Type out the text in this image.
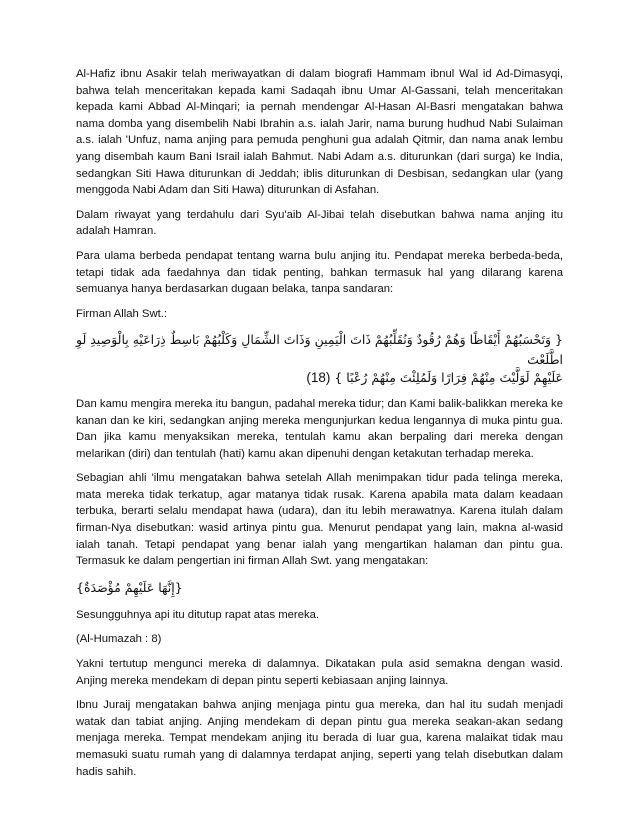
Al-Hafiz ibnu Asakir telah meriwayatkan di dalam biografi Hammam ibnul Wal id Ad-Dimasyqi, bahwa telah menceritakan kepada kami Sadaqah ibnu Umar Al-Gassani, telah menceritakan kepada kami Abbad Al-Minqari; ia pernah mendengar Al-Hasan Al-Basri mengatakan bahwa nama domba yang disembelih Nabi Ibrahin a.s. ialah Jarir, nama burung hudhud Nabi Sulaiman a.s. ialah 'Unfuz, nama anjing para pemuda penghuni gua adalah Qitmir, dan nama anak lembu yang disembah kaum Bani Israil ialah Bahmut. Nabi Adam a.s. diturunkan (dari surga) ke India, sedangkan Siti Hawa diturunkan di Jeddah; iblis diturunkan di Desbisan, sedangkan ular (yang menggoda Nabi Adam dan Siti Hawa) diturunkan di Asfahan.

Dalam riwayat yang terdahulu dari Syu'aib Al-Jibai telah disebutkan bahwa nama anjing itu adalah Hamran.

Para ulama berbeda pendapat tentang warna bulu anjing itu. Pendapat mereka berbeda-beda, tetapi tidak ada faedahnya dan tidak penting, bahkan termasuk hal yang dilarang karena semuanya hanya berdasarkan dugaan belaka, tanpa sandaran:

Firman Allah Swt.:

{ وَتَحْسَبُهُمْ أَيْقَاظًا وَهُمْ رُقُودٌ وَنُقَلِّبُهُمْ ذَاتَ الْيَمِينِ وَذَاتَ الشِّمَالِ وَكَلْبُهُمْ بَاسِطٌ ذِرَاعَيْهِ بِالْوَصِيدِ لَوِ اطَّلَعْتَ

(18) عَلَيْهِمْ لَوَلَّيْتَ مِنْهُمْ فِرَارًا وَلَمُلِئْتَ مِنْهُمْ رُعْبًا }

Dan kamu mengira mereka itu bangun, padahal mereka tidur; dan Kami balik-balikkan mereka ke kanan dan ke kiri, sedangkan anjing mereka mengunjurkan kedua lengannya di muka pintu gua. Dan jika kamu menyaksikan mereka, tentulah kamu akan berpaling dari mereka dengan melarikan (diri) dan tentulah (hati) kamu akan dipenuhi dengan ketakutan terhadap mereka.

Sebagian ahli 'ilmu mengatakan bahwa setelah Allah menimpakan tidur pada telinga mereka, mata mereka tidak terkatup, agar matanya tidak rusak. Karena apabila mata dalam keadaan terbuka, berarti selalu mendapat hawa (udara), dan itu lebih merawatnya. Karena itulah dalam firman-Nya disebutkan: wasid artinya pintu gua. Menurut pendapat yang lain, makna al-wasid ialah tanah. Tetapi pendapat yang benar ialah yang mengartikan halaman dan pintu gua. Termasuk ke dalam pengertian ini firman Allah Swt. yang mengatakan:

{إِنَّهَا عَلَيْهِمْ مُؤْصَدَةٌ}

Sesungguhnya api itu ditutup rapat atas mereka.

(Al-Humazah : 8)

Yakni tertutup mengunci mereka di dalamnya. Dikatakan pula asid semakna dengan wasid. Anjing mereka mendekam di depan pintu seperti kebiasaan anjing lainnya.

Ibnu Juraij mengatakan bahwa anjing menjaga pintu gua mereka, dan hal itu sudah menjadi watak dan tabiat anjing. Anjing mendekam di depan pintu gua mereka seakan-akan sedang menjaga mereka. Tempat mendekam anjing itu berada di luar gua, karena malaikat tidak mau memasuki suatu rumah yang di dalamnya terdapat anjing, seperti yang telah disebutkan dalam hadis sahih.
